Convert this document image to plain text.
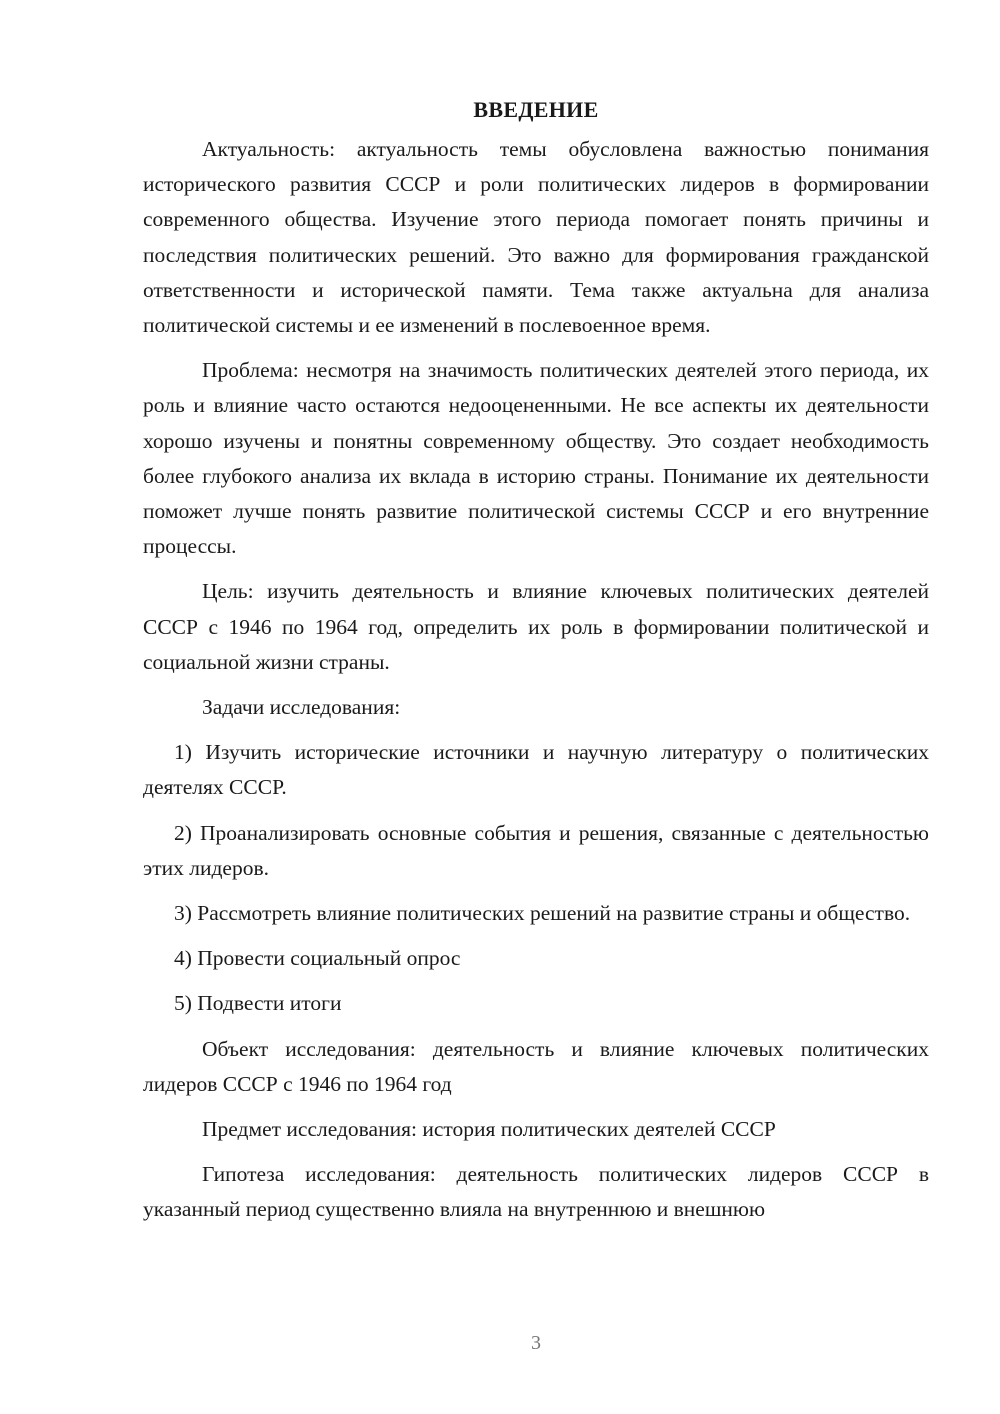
ВВЕДЕНИЕ

Актуальность: актуальность темы обусловлена важностью понимания исторического развития СССР и роли политических лидеров в формировании современного общества. Изучение этого периода помогает понять причины и последствия политических решений. Это важно для формирования гражданской ответственности и исторической памяти. Тема также актуальна для анализа политической системы и ее изменений в послевоенное время.

Проблема: несмотря на значимость политических деятелей этого периода, их роль и влияние часто остаются недооцененными. Не все аспекты их деятельности хорошо изучены и понятны современному обществу. Это создает необходимость более глубокого анализа их вклада в историю страны. Понимание их деятельности поможет лучше понять развитие политической системы СССР и его внутренние процессы.

Цель: изучить деятельность и влияние ключевых политических деятелей СССР с 1946 по 1964 год, определить их роль в формировании политической и социальной жизни страны.

Задачи исследования:

1) Изучить исторические источники и научную литературу о политических деятелях СССР.

2) Проанализировать основные события и решения, связанные с деятельностью этих лидеров.

3) Рассмотреть влияние политических решений на развитие страны и общество.

4) Провести социальный опрос

5) Подвести итоги

Объект исследования: деятельность и влияние ключевых политических лидеров СССР с 1946 по 1964 год

Предмет исследования: история политических деятелей СССР

Гипотеза исследования: деятельность политических лидеров СССР в указанный период существенно влияла на внутреннюю и внешнюю

3
